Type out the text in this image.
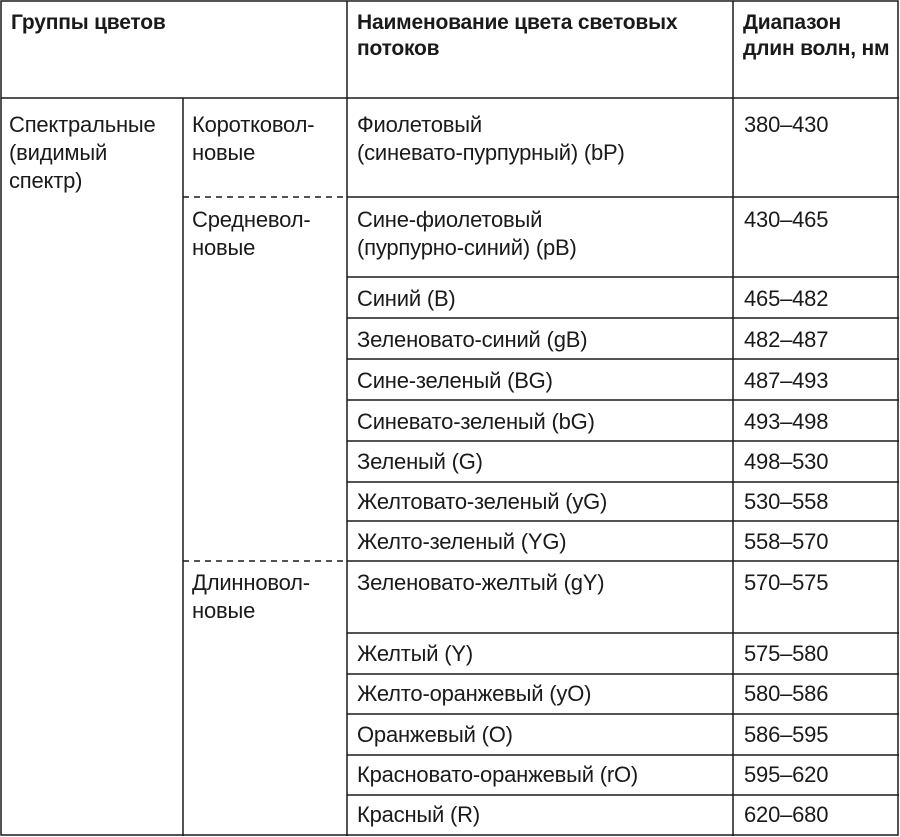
Группы цветов	Наименование цвета световых потоков
Диапазон длин волн, нм
Спектральные (видимый спектр)
Коротковол-
новые
Средневол-
новые
Длинновол-
новые
Фиолетовый
(синевато-пурпурный) (bP)
Сине-фиолетовый
(пурпурно-синий) (pB)
Синий (B)
Зеленовато-синий (gB)
Сине-зеленый (BG)
Синевато-зеленый (bG)
Зеленый (G)
Желтовато-зеленый (yG)
Желто-зеленый (YG)
Зеленовато-желтый (gY)
Желтый (Y)
Желто-оранжевый (yO)
Оранжевый (O)
Красновато-оранжевый (rO)
Красный (R)
380–430
430–465
465–482
482–487
487–493
493–498
498–530
530–558
558–570
570–575
575–580
580–586
586–595
595–620
620–680
